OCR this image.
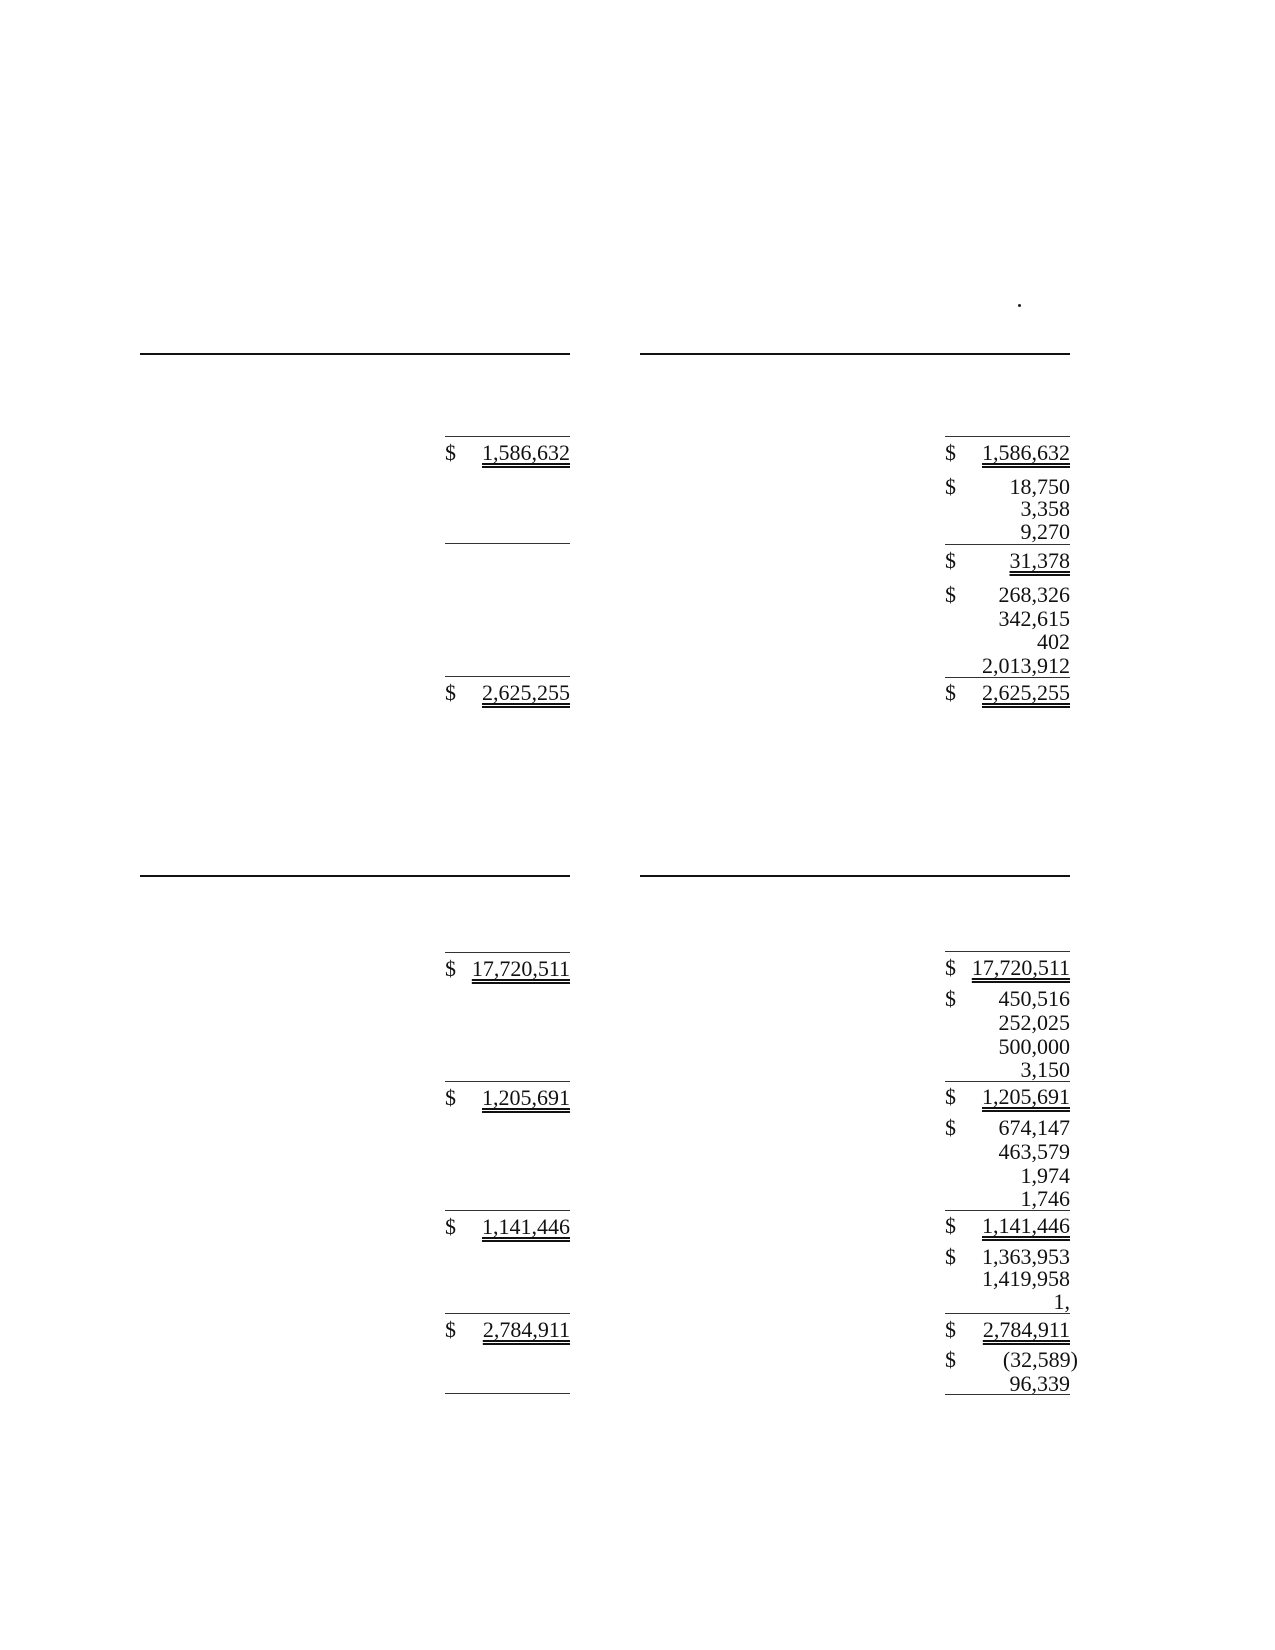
$ 1,586,632
$ 2,625,255
$ 1,586,632
$ 18,750
3,358
9,270
$ 31,378
$ 268,326
342,615
402
2,013,912
$ 2,625,255
$ 17,720,511
$ 1,205,691
$ 1,141,446
$ 2,784,911
$ 17,720,511
$ 450,516
252,025
500,000
3,150
$ 1,205,691
$ 674,147
463,579
1,974
1,746
$ 1,141,446
$ 1,363,953
1,419,958
1,
$ 2,784,911
$ (32,589)
96,339
